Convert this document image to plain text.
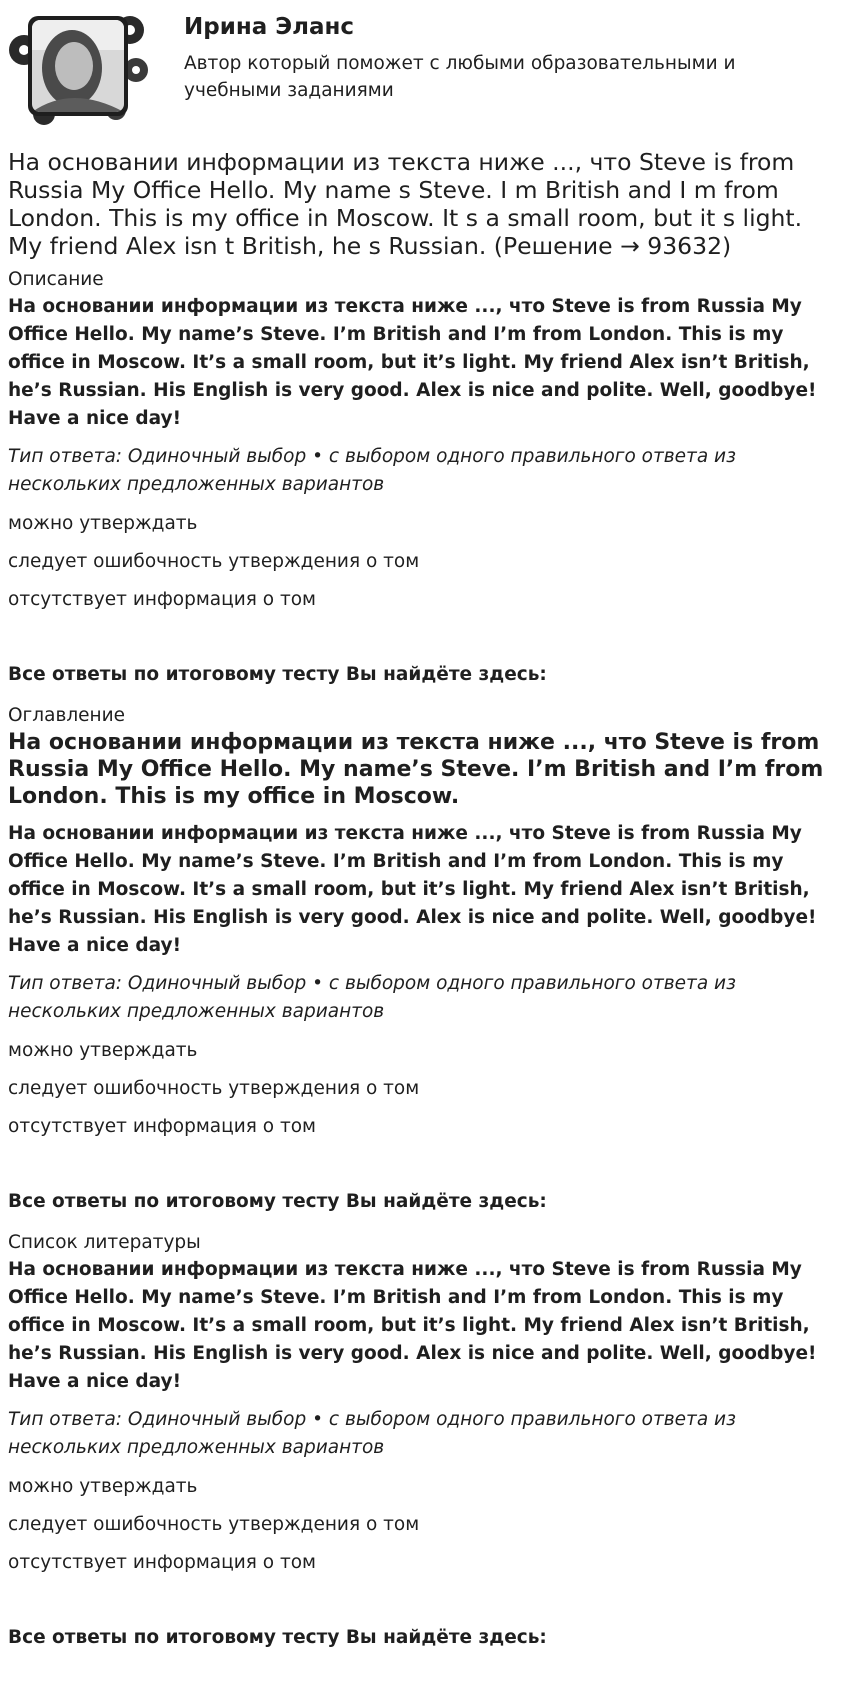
Ирина Эланс
Автор который поможет с любыми образовательными и учебными заданиями
На основании информации из текста ниже ..., что Steve is from Russia My Office Hello. My name s Steve. I m British and I m from London. This is my office in Moscow. It s a small room, but it s light. My friend Alex isn t British, he s Russian. (Решение → 93632)
Описание

На основании информации из текста ниже ..., что Steve is from Russia My Office Hello. My name’s Steve. I’m British and I’m from London. This is my office in Moscow. It’s a small room, but it’s light. My friend Alex isn’t British, he’s Russian. His English is very good. Alex is nice and polite. Well, goodbye! Have a nice day!

Тип ответа: Одиночный выбор • с выбором одного правильного ответа из нескольких предложенных вариантов
можно утверждать
следует ошибочность утверждения о том
отсутствует информация о том
Все ответы по итоговому тесту Вы найдёте здесь:
Оглавление
На основании информации из текста ниже ..., что Steve is from Russia My Office Hello. My name’s Steve. I’m British and I’m from London. This is my office in Moscow.

На основании информации из текста ниже ..., что Steve is from Russia My Office Hello. My name’s Steve. I’m British and I’m from London. This is my office in Moscow. It’s a small room, but it’s light. My friend Alex isn’t British, he’s Russian. His English is very good. Alex is nice and polite. Well, goodbye! Have a nice day!

Тип ответа: Одиночный выбор • с выбором одного правильного ответа из нескольких предложенных вариантов
можно утверждать
следует ошибочность утверждения о том
отсутствует информация о том
Все ответы по итоговому тесту Вы найдёте здесь:
Список литературы

На основании информации из текста ниже ..., что Steve is from Russia My Office Hello. My name’s Steve. I’m British and I’m from London. This is my office in Moscow. It’s a small room, but it’s light. My friend Alex isn’t British, he’s Russian. His English is very good. Alex is nice and polite. Well, goodbye! Have a nice day!

Тип ответа: Одиночный выбор • с выбором одного правильного ответа из нескольких предложенных вариантов
можно утверждать
следует ошибочность утверждения о том
отсутствует информация о том
Все ответы по итоговому тесту Вы найдёте здесь:
